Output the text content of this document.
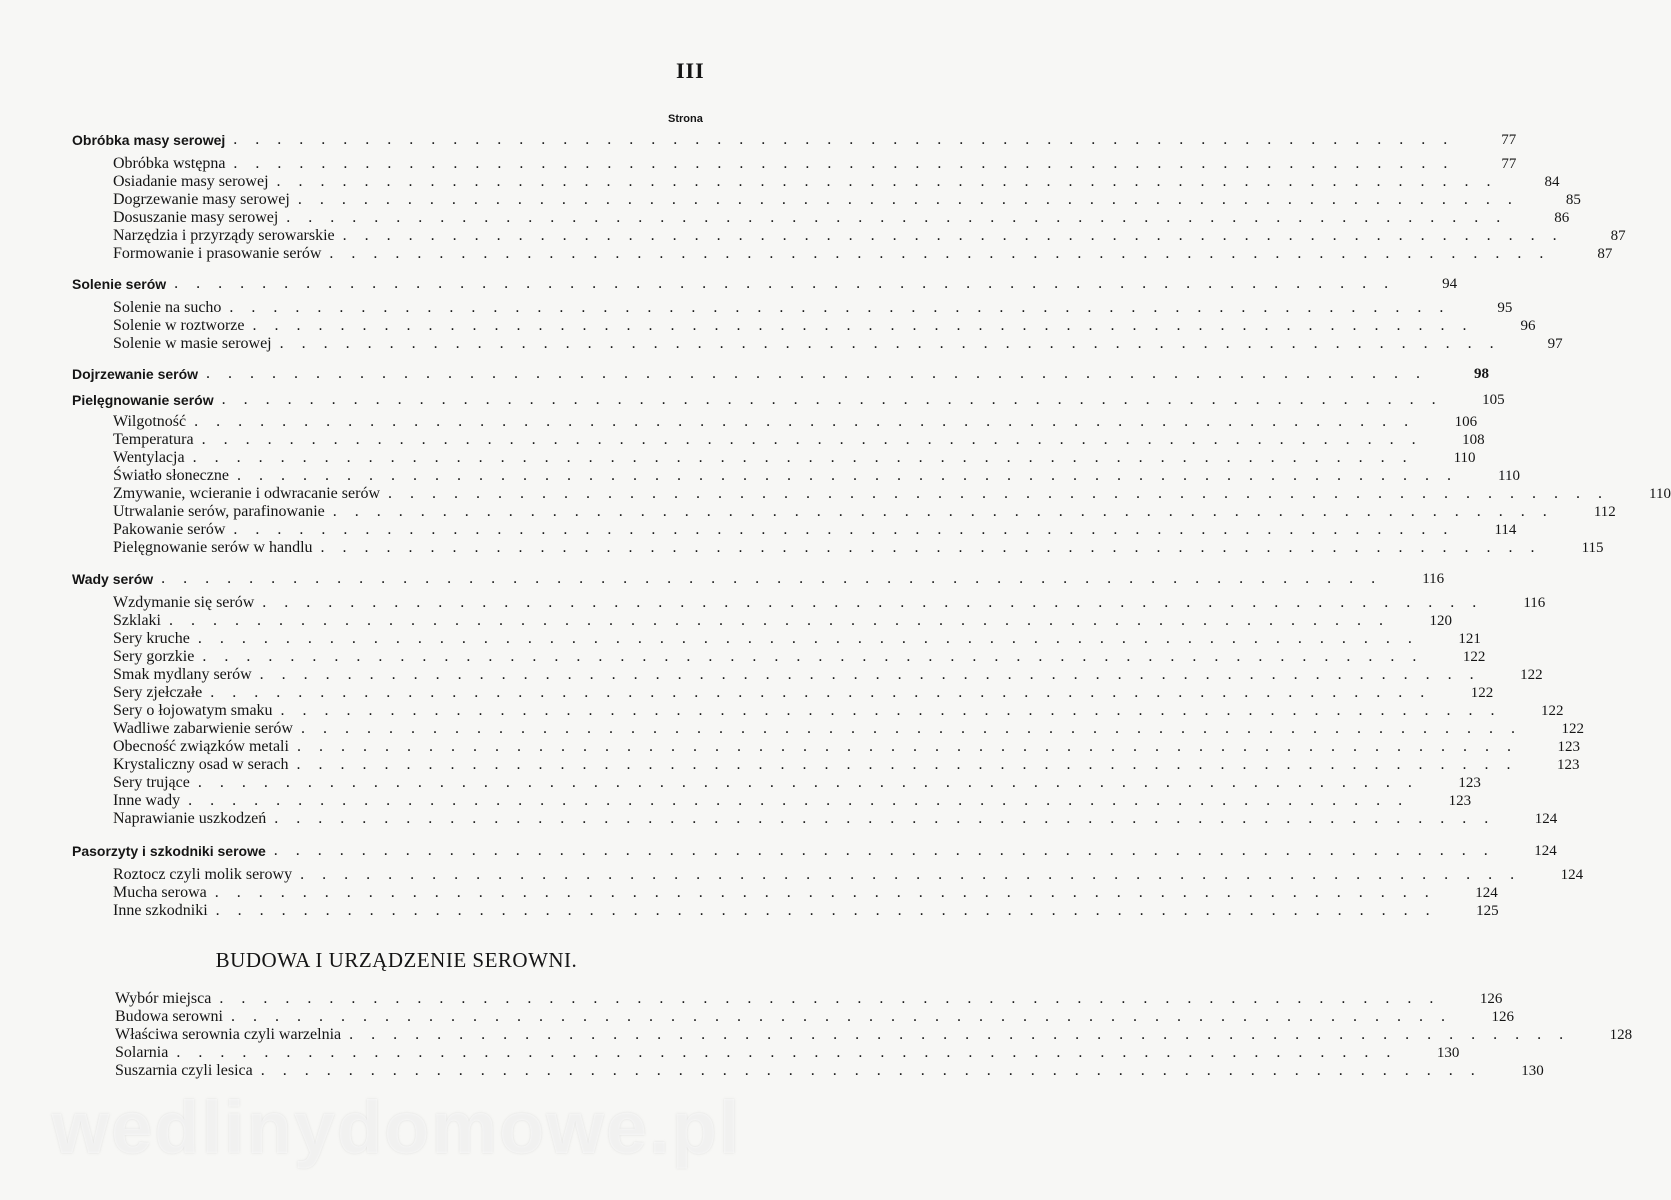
III
Strona
Obróbka masy serowej . . .	77
Obróbka wstępna . . .	77
Osiadanie masy serowej . . .	84
Dogrzewanie masy serowej . . .	85
Dosuszanie masy serowej . . .	86
Narzędzia i przyrządy serowarskie . . .	87
Formowanie i prasowanie serów . . .	87
Solenie serów . . .	94
Solenie na sucho . . .	95
Solenie w roztworze . . .	96
Solenie w masie serowej . . .	97
Dojrzewanie serów . . .	98
Pielęgnowanie serów . . .	105
Wilgotność . . .	106
Temperatura . . .	108
Wentylacja . . .	110
Światło słoneczne . . .	110
Zmywanie, wcieranie i odwracanie serów . . .	110
Utrwalanie serów, parafinowanie . . .	112
Pakowanie serów . . .	114
Pielęgnowanie serów w handlu . . .	115
Wady serów . . .	116
Wzdymanie się serów . . .	116
Szklaki . . .	120
Sery kruche . . .	121
Sery gorzkie . . .	122
Smak mydlany serów . . .	122
Sery zjełczałe . . .	122
Sery o łojowatym smaku . . .	122
Wadliwe zabarwienie serów . . .	122
Obecność związków metali . . .	123
Krystaliczny osad w serach . . .	123
Sery trujące . . .	123
Inne wady . . .	123
Naprawianie uszkodzeń . . .	124
Pasorzyty i szkodniki serowe . . .	124
Roztocz czyli molik serowy . . .	124
Mucha serowa . . .	124
Inne szkodniki . . .	125
BUDOWA I URZĄDZENIE SEROWNI.
Wybór miejsca . . .	126
Budowa serowni . . .	126
Właściwa serownia czyli warzelnia . . .	128
Solarnia . . .	130
Suszarnia czyli lesica . . .	130
wedlinydomowe.pl
